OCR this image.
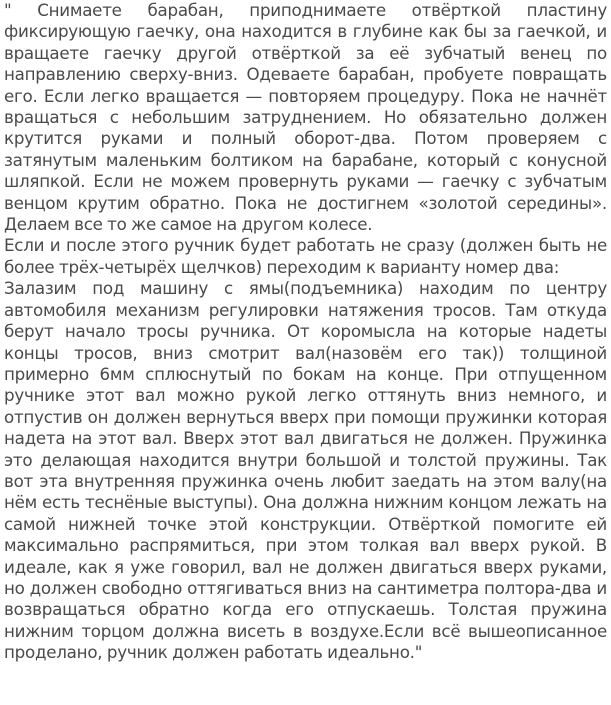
" Снимаете барабан, приподнимаете отвёрткой пластину фиксирующую гаечку, она находится в глубине как бы за гаечкой, и вращаете гаечку другой отвёрткой за её зубчатый венец по направлению сверху-вниз. Одеваете барабан, пробуете повращать его. Если легко вращается — повторяем процедуру. Пока не начнёт вращаться с небольшим затруднением. Но обязательно должен крутится руками и полный оборот-два. Потом проверяем с затянутым маленьким болтиком на барабане, который с конусной шляпкой. Если не можем провернуть руками — гаечку с зубчатым венцом крутим обратно. Пока не достигнем «золотой середины». Делаем все то же самое на другом колесе.

Если и после этого ручник будет работать не сразу (должен быть не более трёх-четырёх щелчков) переходим к варианту номер два:

Залазим под машину с ямы(подъемника) находим по центру автомобиля механизм регулировки натяжения тросов. Там откуда берут начало тросы ручника. От коромысла на которые надеты концы тросов, вниз смотрит вал(назовём его так)) толщиной примерно 6мм сплюснутый по бокам на конце. При отпущенном ручнике этот вал можно рукой легко оттянуть вниз немного, и отпустив он должен вернуться вверх при помощи пружинки которая надета на этот вал. Вверх этот вал двигаться не должен. Пружинка это делающая находится внутри большой и толстой пружины. Так вот эта внутренняя пружинка очень любит заедать на этом валу(на нём есть теснёные выступы). Она должна нижним концом лежать на самой нижней точке этой конструкции. Отвёрткой помогите ей максимально распрямиться, при этом толкая вал вверх рукой. В идеале, как я уже говорил, вал не должен двигаться вверх руками, но должен свободно оттягиваться вниз на сантиметра полтора-два и возвращаться обратно когда его отпускаешь. Толстая пружина нижним торцом должна висеть в воздухе.Если всё вышеописанное проделано, ручник должен работать идеально."
